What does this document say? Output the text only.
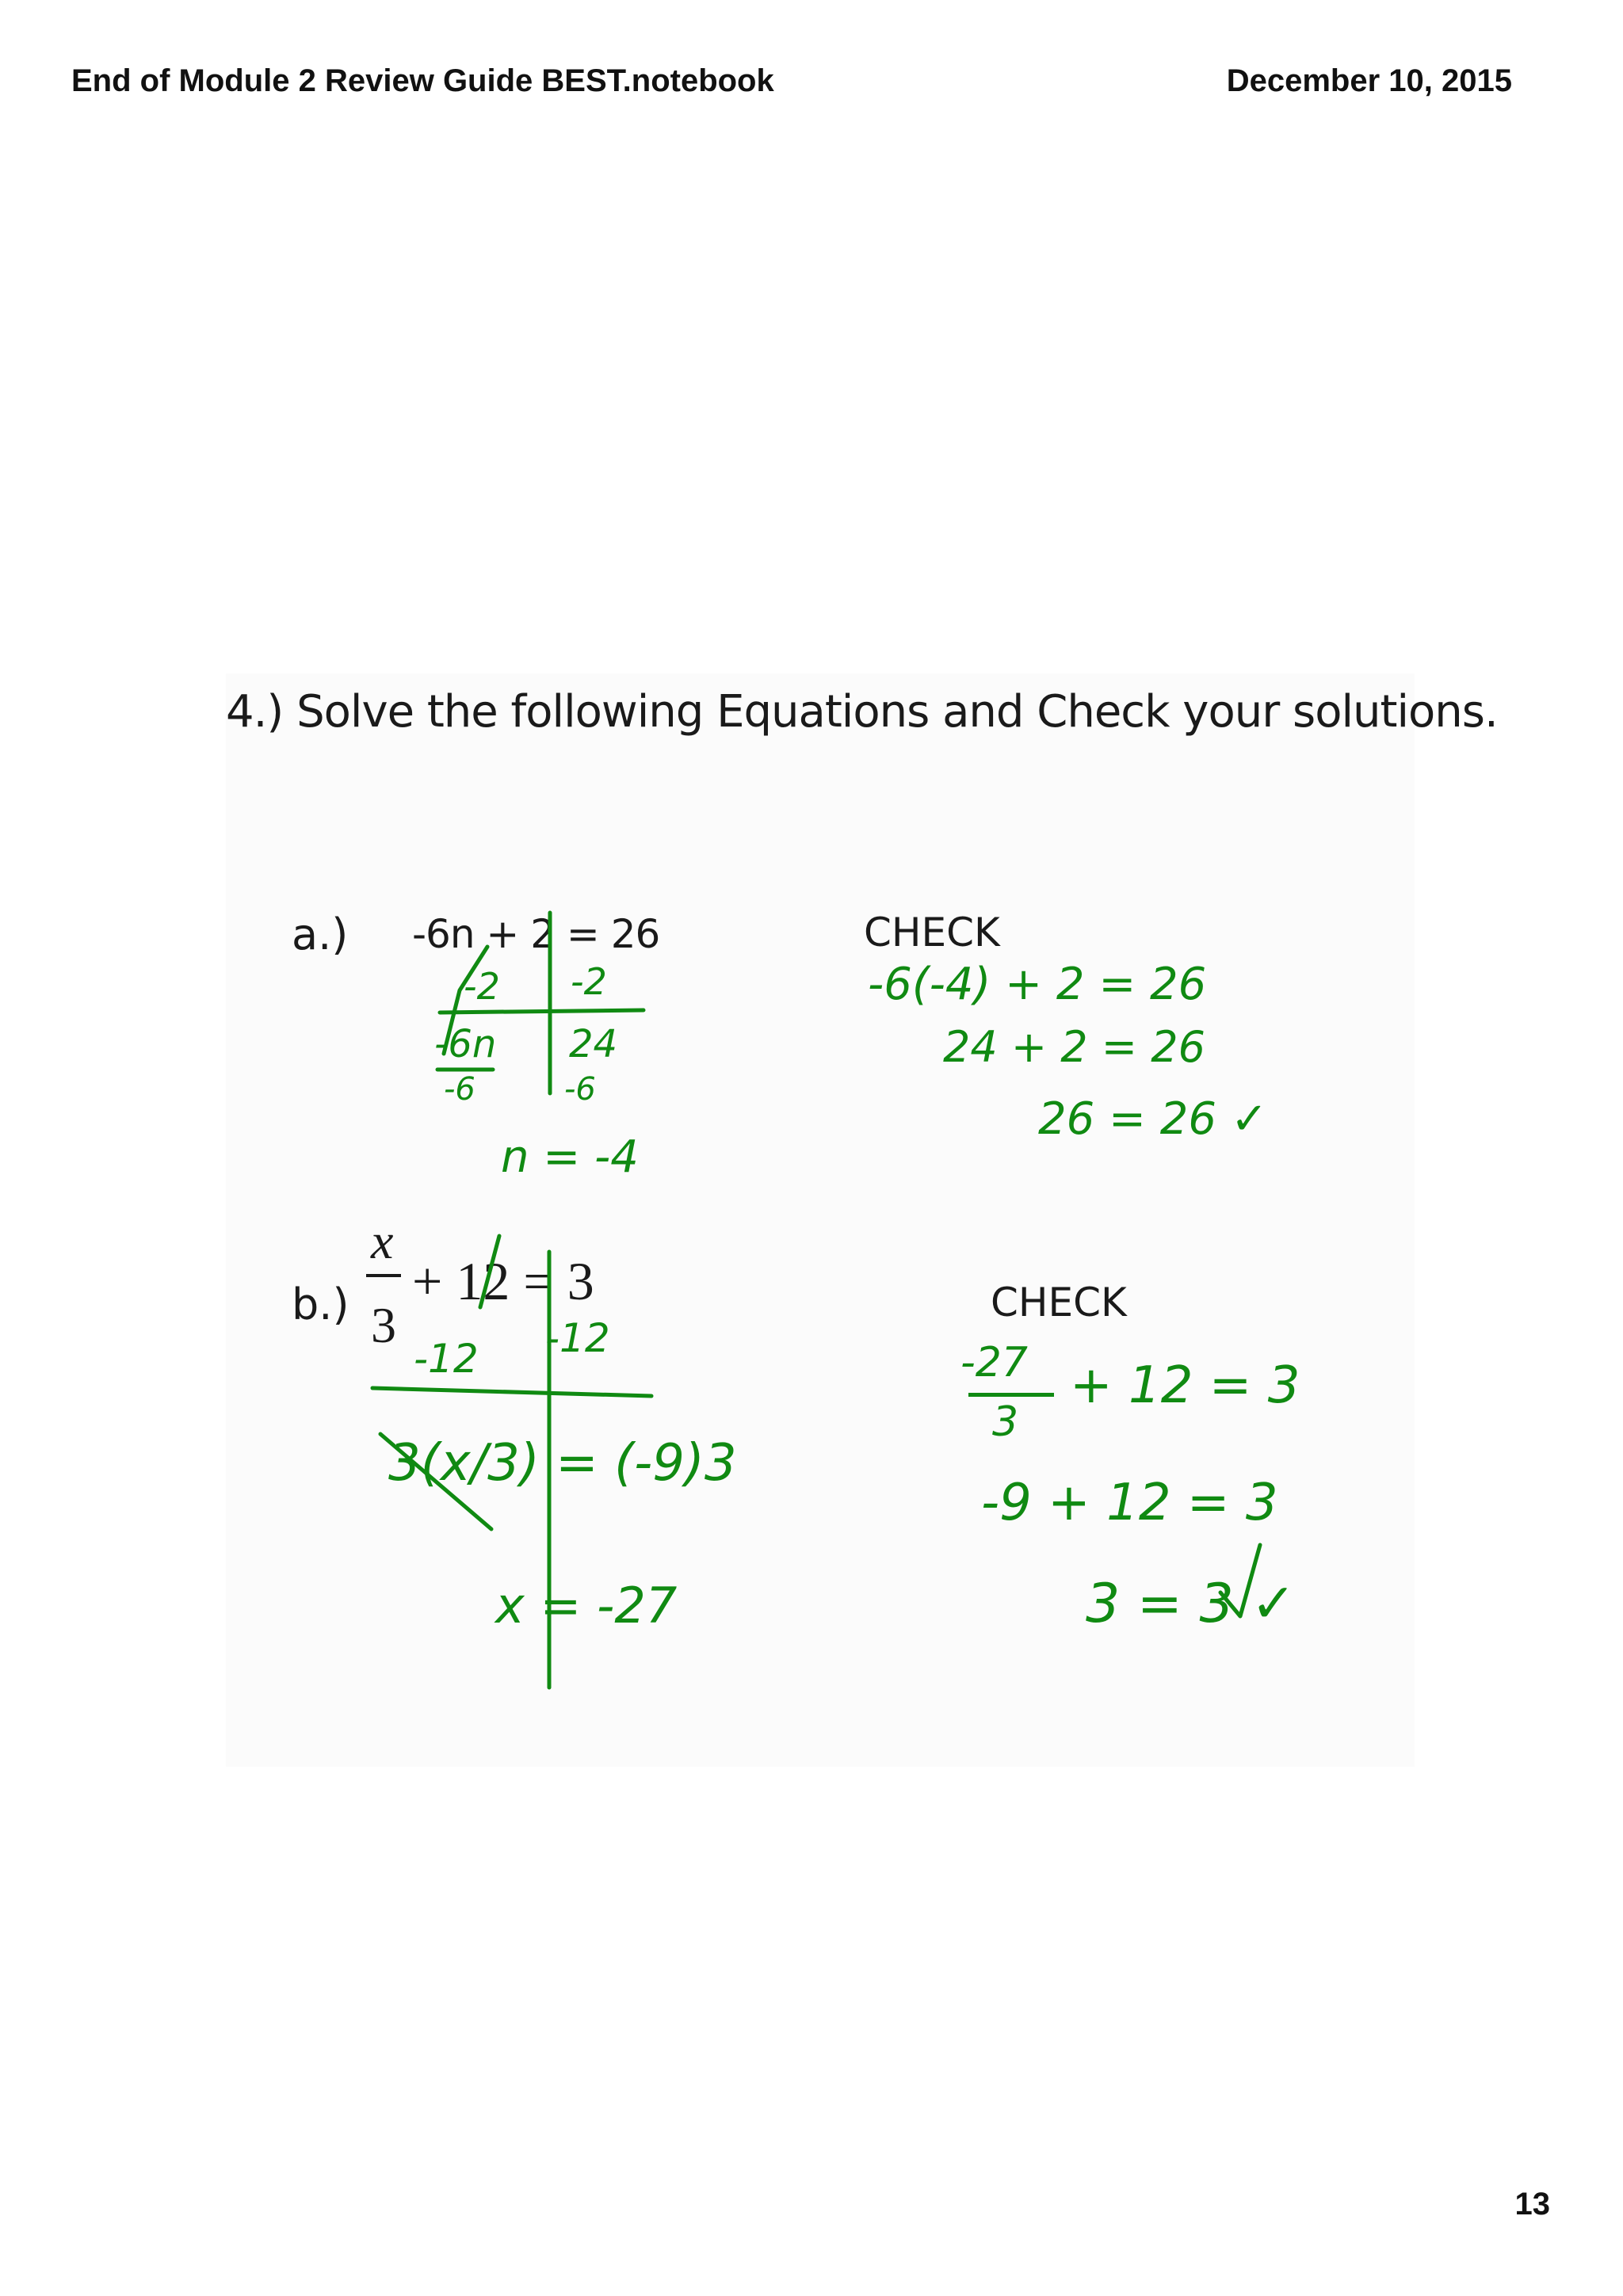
End of Module 2 Review Guide BEST.notebook	December 10, 2015
4.) Solve the following Equations and Check your solutions.
a.) -6n + 2 = 26
-2 -2
-6n 24
-6	-6
n = -4
CHECK
-6(-4) + 2 = 26
24 + 2 = 26
26 = 26 ✓
b.)
x
3
+ 12 = 3
-12 -12
3(x/3) = (-9)3
x = -27
CHECK
-27
3
+ 12 = 3
-9 + 12 = 3
3 = 3 ✓
13
